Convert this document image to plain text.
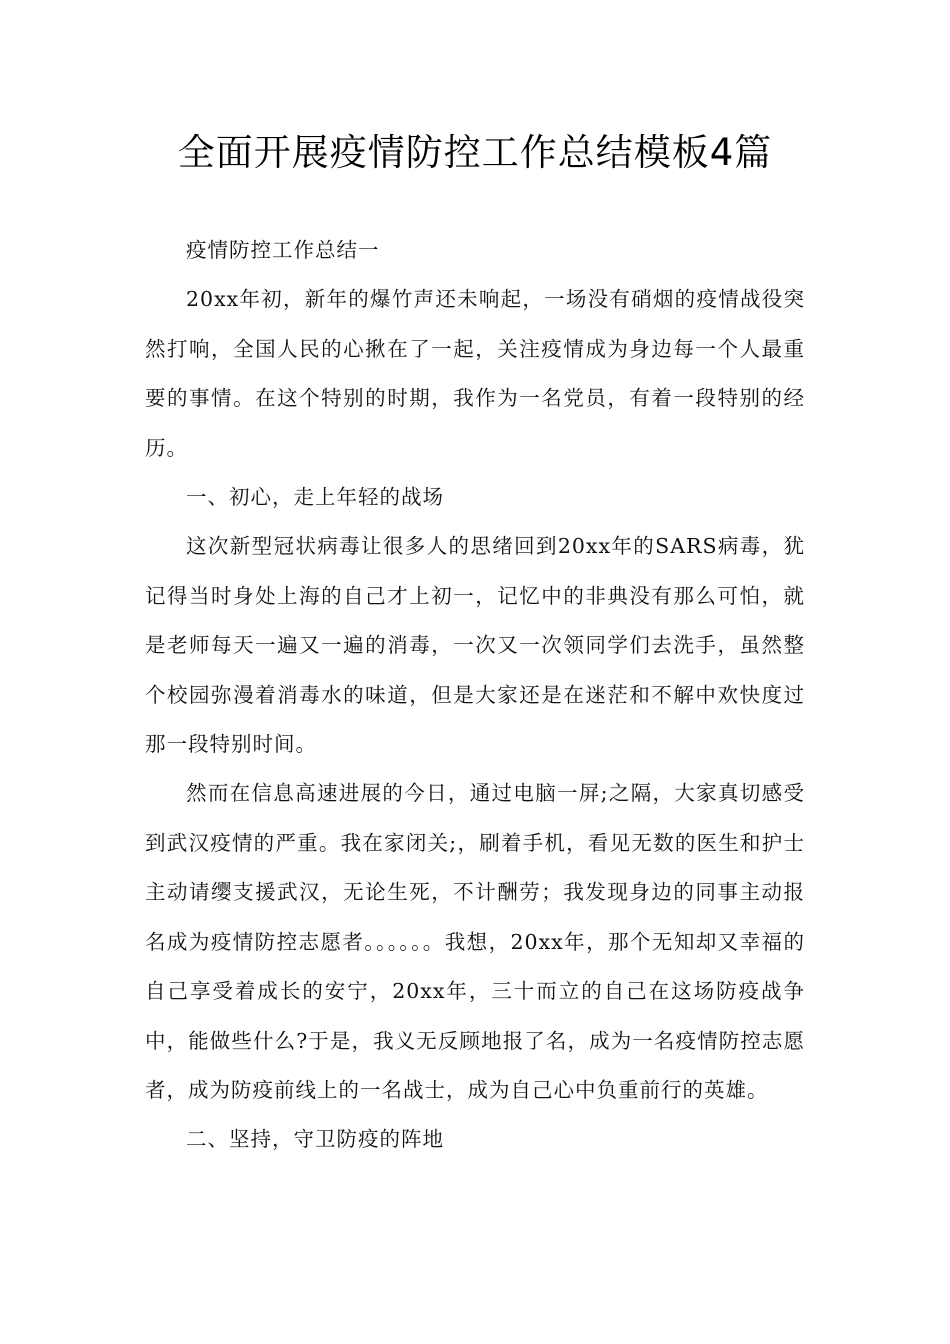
全面开展疫情防控工作总结模板4篇

疫情防控工作总结一

20xx年初，新年的爆竹声还未响起，一场没有硝烟的疫情战役突然打响，全国人民的心揪在了一起，关注疫情成为身边每一个人最重要的事情。在这个特别的时期，我作为一名党员，有着一段特别的经历。

一、初心，走上年轻的战场

这次新型冠状病毒让很多人的思绪回到20xx年的SARS病毒，犹记得当时身处上海的自己才上初一，记忆中的非典没有那么可怕，就是老师每天一遍又一遍的消毒，一次又一次领同学们去洗手，虽然整个校园弥漫着消毒水的味道，但是大家还是在迷茫和不解中欢快度过那一段特别时间。

然而在信息高速进展的今日，通过电脑一屏;之隔，大家真切感受到武汉疫情的严重。我在家闭关;，刷着手机，看见无数的医生和护士主动请缨支援武汉，无论生死，不计酬劳；我发现身边的同事主动报名成为疫情防控志愿者。。。。。。我想，20xx年，那个无知却又幸福的自己享受着成长的安宁，20xx年，三十而立的自己在这场防疫战争中，能做些什么?于是，我义无反顾地报了名，成为一名疫情防控志愿者，成为防疫前线上的一名战士，成为自己心中负重前行的英雄。

二、坚持，守卫防疫的阵地
